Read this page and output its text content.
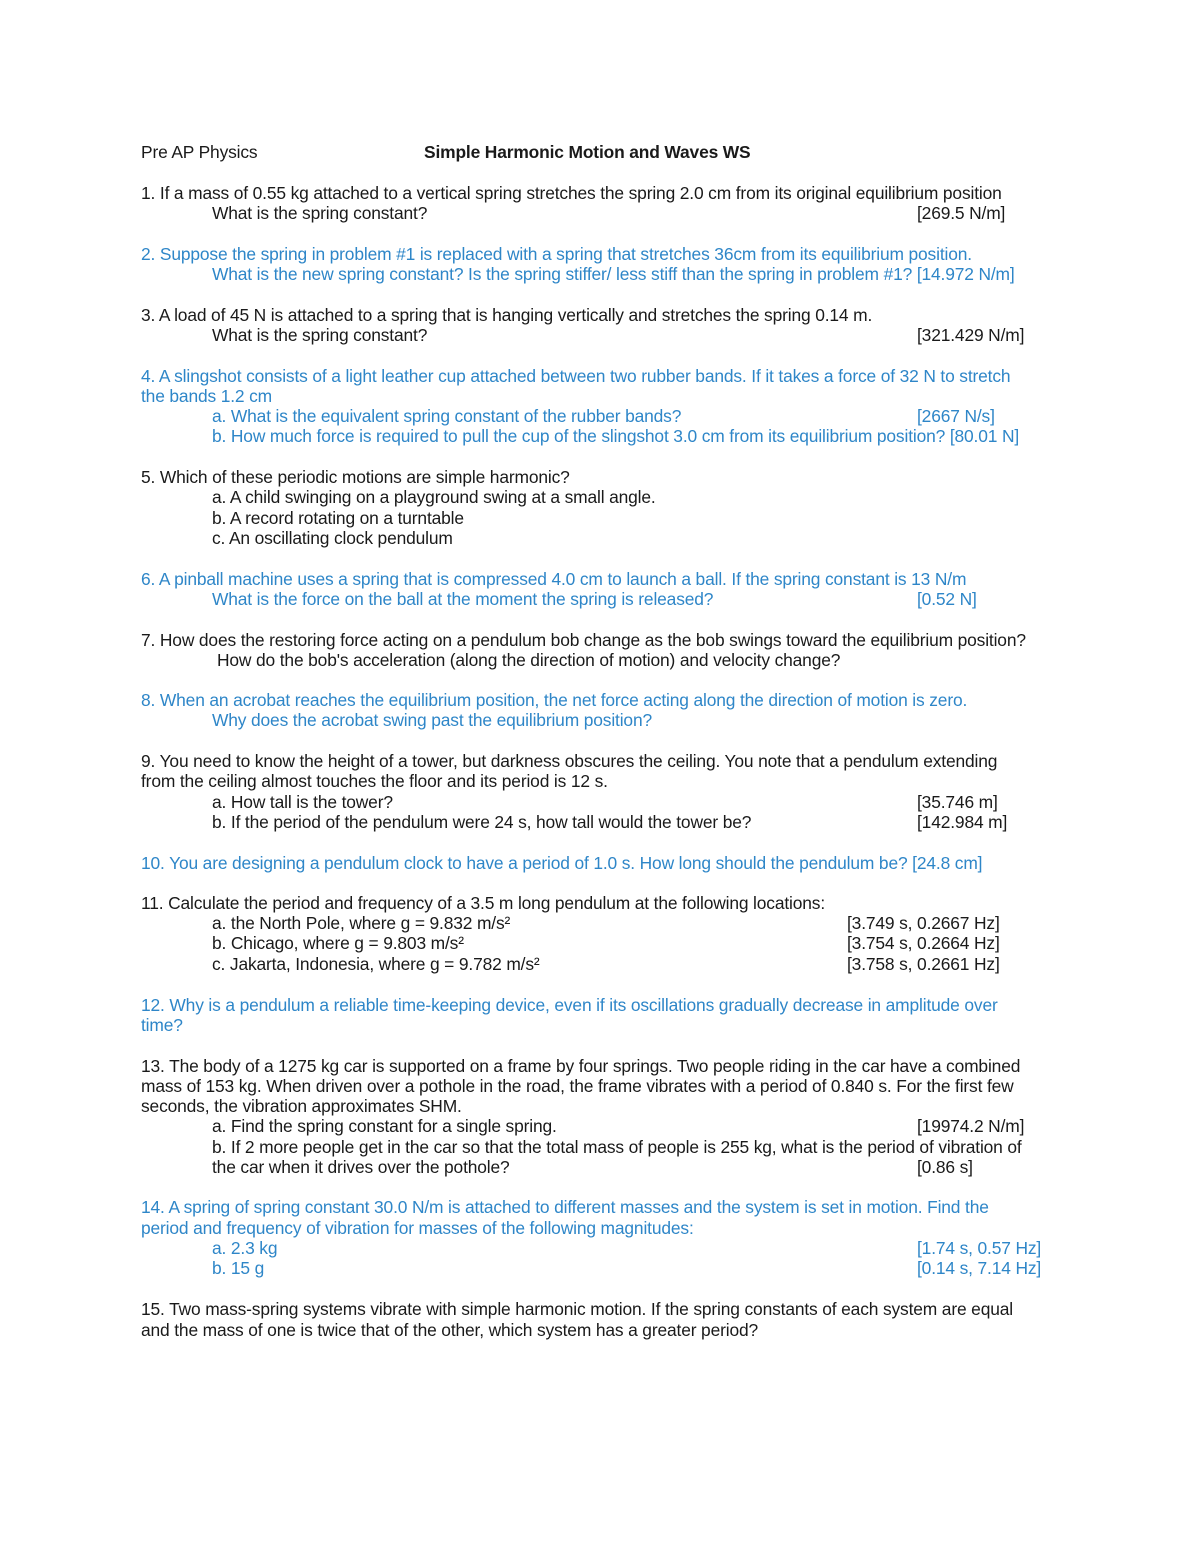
Pre AP Physics	Simple Harmonic Motion and Waves WS
1. If a mass of 0.55 kg attached to a vertical spring stretches the spring 2.0 cm from its original equilibrium position
What is the spring constant?	[269.5 N/m]
2. Suppose the spring in problem #1 is replaced with a spring that stretches 36cm from its equilibrium position.
What is the new spring constant? Is the spring stiffer/ less stiff than the spring in problem #1? [14.972 N/m]
3. A load of 45 N is attached to a spring that is hanging vertically and stretches the spring 0.14 m.
What is the spring constant?	[321.429 N/m]
4. A slingshot consists of a light leather cup attached between two rubber bands. If it takes a force of 32 N to stretch
the bands 1.2 cm
a. What is the equivalent spring constant of the rubber bands?	[2667 N/s]
b. How much force is required to pull the cup of the slingshot 3.0 cm from its equilibrium position? [80.01 N]
5. Which of these periodic motions are simple harmonic?
a. A child swinging on a playground swing at a small angle.
b. A record rotating on a turntable
c. An oscillating clock pendulum
6. A pinball machine uses a spring that is compressed 4.0 cm to launch a ball. If the spring constant is 13 N/m
What is the force on the ball at the moment the spring is released?	[0.52 N]
7. How does the restoring force acting on a pendulum bob change as the bob swings toward the equilibrium position?
How do the bob's acceleration (along the direction of motion) and velocity change?
8. When an acrobat reaches the equilibrium position, the net force acting along the direction of motion is zero.
Why does the acrobat swing past the equilibrium position?
9. You need to know the height of a tower, but darkness obscures the ceiling. You note that a pendulum extending
from the ceiling almost touches the floor and its period is 12 s.
a. How tall is the tower?	[35.746 m]
b. If the period of the pendulum were 24 s, how tall would the tower be?	[142.984 m]
10. You are designing a pendulum clock to have a period of 1.0 s. How long should the pendulum be? [24.8 cm]
11. Calculate the period and frequency of a 3.5 m long pendulum at the following locations:
a. the North Pole, where g = 9.832 m/s²	[3.749 s, 0.2667 Hz]
b. Chicago, where g = 9.803 m/s²	[3.754 s, 0.2664 Hz]
c. Jakarta, Indonesia, where g = 9.782 m/s²	[3.758 s, 0.2661 Hz]
12. Why is a pendulum a reliable time-keeping device, even if its oscillations gradually decrease in amplitude over
time?
13. The body of a 1275 kg car is supported on a frame by four springs. Two people riding in the car have a combined
mass of 153 kg. When driven over a pothole in the road, the frame vibrates with a period of 0.840 s. For the first few
seconds, the vibration approximates SHM.
a. Find the spring constant for a single spring.	[19974.2 N/m]
b. If 2 more people get in the car so that the total mass of people is 255 kg, what is the period of vibration of
the car when it drives over the pothole?	[0.86 s]
14. A spring of spring constant 30.0 N/m is attached to different masses and the system is set in motion. Find the
period and frequency of vibration for masses of the following magnitudes:
a. 2.3 kg	[1.74 s, 0.57 Hz]
b. 15 g	[0.14 s, 7.14 Hz]
15. Two mass-spring systems vibrate with simple harmonic motion. If the spring constants of each system are equal
and the mass of one is twice that of the other, which system has a greater period?
